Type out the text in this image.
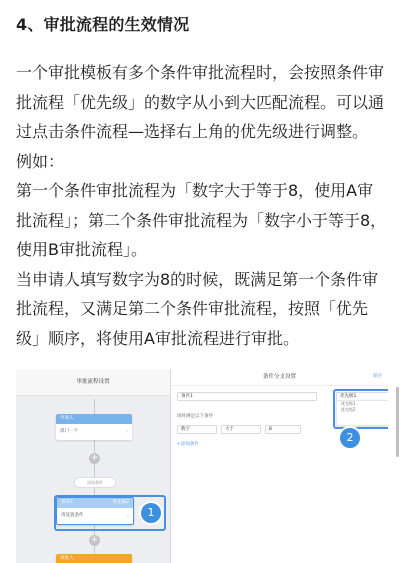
4、审批流程的生效情况

一个审批模板有多个条件审批流程时，会按照条件审批流程「优先级」的数字从小到大匹配流程。可以通过点击条件流程—选择右上角的优先级进行调整。

例如：

第一个条件审批流程为「数字大于等于8，使用A审批流程」；第二个条件审批流程为「数字小于等于8，使用B审批流程」。

当申请人填写数字为8的时候，既满足第一个条件审批流程，又满足第二个条件审批流程，按照「优先级」顺序，将使用A审批流程进行审批。

审批流程设置
申请人
部门一下	›
+
添加条件
条件2	优先级2
请设置条件	›
+
审批人
1
条件分支设置	保存
条件1	优先级1
优先级1
优先级2
同时满足以下条件
数字	大于	8
+添加条件
2
